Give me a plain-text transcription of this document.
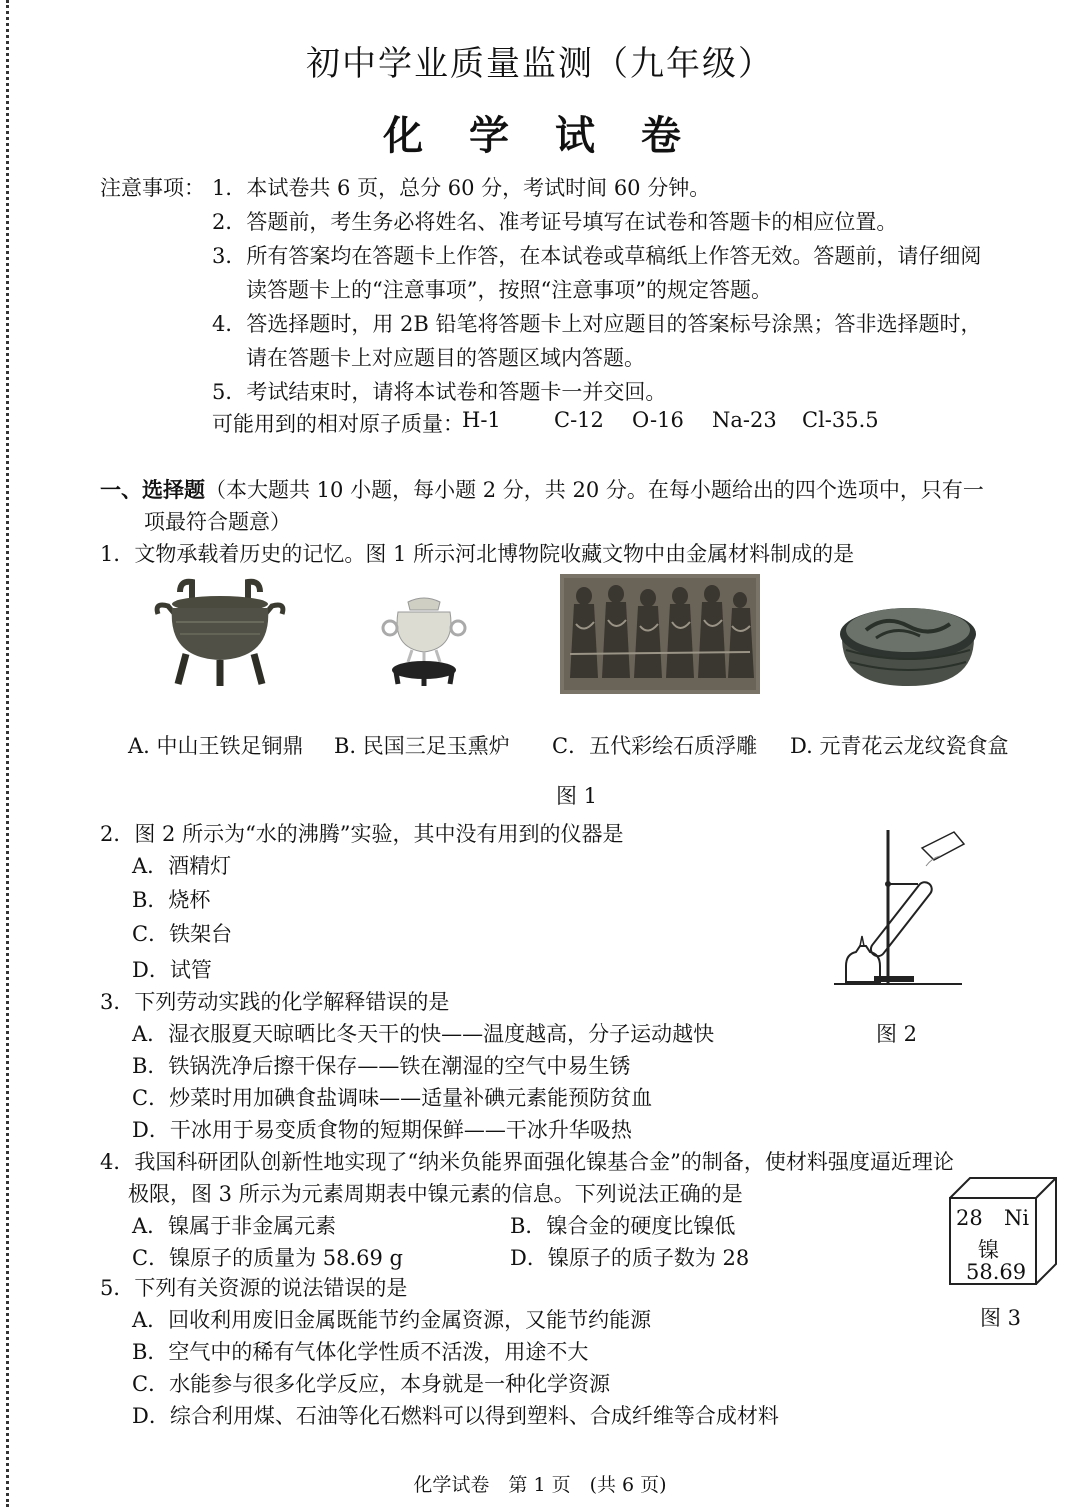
初中学业质量监测（九年级）
化 学 试 卷
注意事项： 1．本试卷共 6 页，总分 60 分，考试时间 60 分钟。
2．答题前，考生务必将姓名、准考证号填写在试卷和答题卡的相应位置。
3．所有答案均在答题卡上作答，在本试卷或草稿纸上作答无效。答题前，请仔细阅
读答题卡上的“注意事项”，按照“注意事项”的规定答题。
4．答选择题时，用 2B 铅笔将答题卡上对应题目的答案标号涂黑；答非选择题时，
请在答题卡上对应题目的答题区域内答题。
5．考试结束时，请将本试卷和答题卡一并交回。
可能用到的相对原子质量：
H-1	C-12 O-16 Na-23 Cl-35.5
一、选择题（本大题共 10 小题，每小题 2 分，共 20 分。在每小题给出的四个选项中，只有一
项最符合题意）
1．文物承载着历史的记忆。图 1 所示河北博物院收藏文物中由金属材料制成的是
A. 中山王铁足铜鼎 B. 民国三足玉熏炉 C．五代彩绘石质浮雕 D. 元青花云龙纹瓷食盒
图 1
2．图 2 所示为“水的沸腾”实验，其中没有用到的仪器是
A．酒精灯
B．烧杯
C．铁架台
D．试管
3．下列劳动实践的化学解释错误的是
A．湿衣服夏天晾晒比冬天干的快——温度越高，分子运动越快	图 2
B．铁锅洗净后擦干保存——铁在潮湿的空气中易生锈
C．炒菜时用加碘食盐调味——适量补碘元素能预防贫血
D．干冰用于易变质食物的短期保鲜——干冰升华吸热
4．我国科研团队创新性地实现了“纳米负能界面强化镍基合金”的制备，使材料强度逼近理论
极限，图 3 所示为元素周期表中镍元素的信息。下列说法正确的是
A．镍属于非金属元素	B．镍合金的硬度比镍低
C．镍原子的质量为 58.69 g	D．镍原子的质子数为 28
28 Ni
镍
58.69
图 3
5．下列有关资源的说法错误的是
A．回收利用废旧金属既能节约金属资源，又能节约能源
B．空气中的稀有气体化学性质不活泼，用途不大
C．水能参与很多化学反应，本身就是一种化学资源
D．综合利用煤、石油等化石燃料可以得到塑料、合成纤维等合成材料
化学试卷　第 1 页　(共 6 页)
